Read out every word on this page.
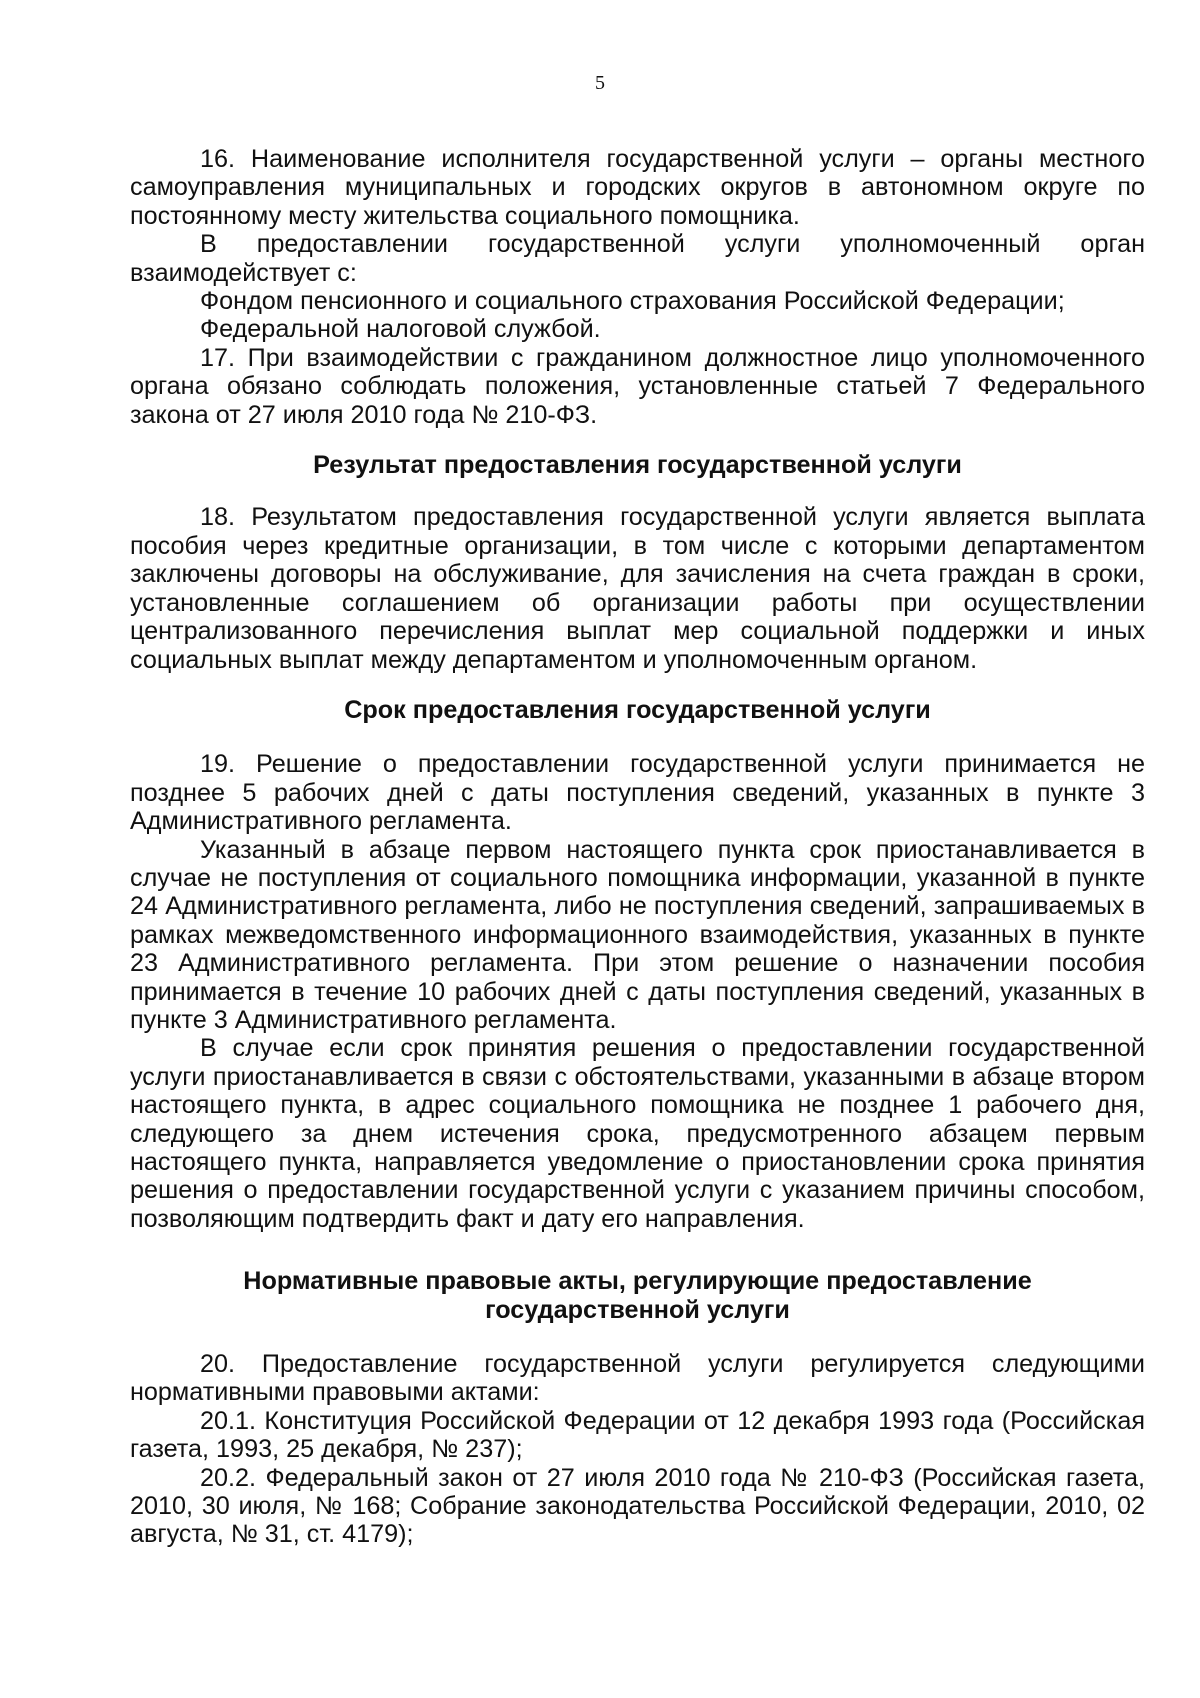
5

16. Наименование исполнителя государственной услуги – органы местного самоуправления муниципальных и городских округов в автономном округе по постоянному месту жительства социального помощника.

В предоставлении государственной услуги уполномоченный орган взаимодействует с:

Фондом пенсионного и социального страхования Российской Федерации;

Федеральной налоговой службой.

17. При взаимодействии с гражданином должностное лицо уполномоченного органа обязано соблюдать положения, установленные статьей 7 Федерального закона от 27 июля 2010 года № 210-ФЗ.

Результат предоставления государственной услуги

18. Результатом предоставления государственной услуги является выплата пособия через кредитные организации, в том числе с которыми департаментом заключены договоры на обслуживание, для зачисления на счета граждан в сроки, установленные соглашением об организации работы при осуществлении централизованного перечисления выплат мер социальной поддержки и иных социальных выплат между департаментом и уполномоченным органом.

Срок предоставления государственной услуги

19. Решение о предоставлении государственной услуги принимается не позднее 5 рабочих дней с даты поступления сведений, указанных в пункте 3 Административного регламента.

Указанный в абзаце первом настоящего пункта срок приостанавливается в случае не поступления от социального помощника информации, указанной в пункте 24 Административного регламента, либо не поступления сведений, запрашиваемых в рамках межведомственного информационного взаимодействия, указанных в пункте 23 Административного регламента. При этом решение о назначении пособия принимается в течение 10 рабочих дней с даты поступления сведений, указанных в пункте 3 Административного регламента.

В случае если срок принятия решения о предоставлении государственной услуги приостанавливается в связи с обстоятельствами, указанными в абзаце втором настоящего пункта, в адрес социального помощника не позднее 1 рабочего дня, следующего за днем истечения срока, предусмотренного абзацем первым настоящего пункта, направляется уведомление о приостановлении срока принятия решения о предоставлении государственной услуги с указанием причины способом, позволяющим подтвердить факт и дату его направления.

Нормативные правовые акты, регулирующие предоставление
государственной услуги

20. Предоставление государственной услуги регулируется следующими нормативными правовыми актами:

20.1. Конституция Российской Федерации от 12 декабря 1993 года (Российская газета, 1993, 25 декабря, № 237);

20.2. Федеральный закон от 27 июля 2010 года № 210-ФЗ (Российская газета, 2010, 30 июля, № 168; Собрание законодательства Российской Федерации, 2010, 02 августа, № 31, ст. 4179);
